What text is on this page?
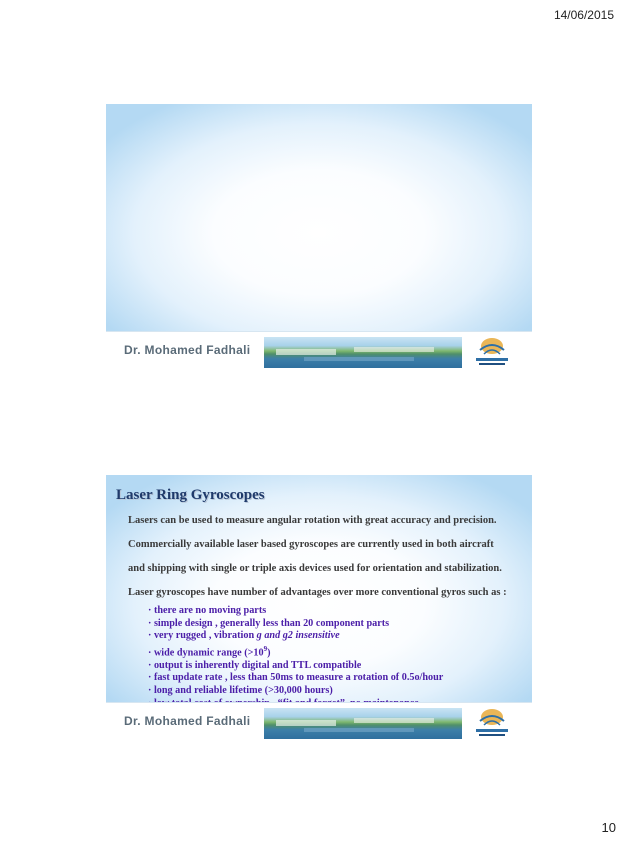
14/06/2015
Dr. Mohamed Fadhali
Laser Ring Gyroscopes

Lasers can be used to measure angular rotation with great accuracy and precision.

Commercially available laser based gyroscopes are currently used in both aircraft

and shipping with single or triple axis devices used for orientation and stabilization.

Laser gyroscopes have number of advantages over more conventional gyros such as :

· there are no moving parts
· simple design , generally less than 20 component parts
· very rugged , vibration g and g2 insensitive
· wide dynamic range $(>10^9)$
· output is inherently digital and TTL compatible
· fast update rate , less than 50ms to measure a rotation of 0.5o/hour
· long and reliable lifetime (>30,000 hours)
Dr. Mohamed Fadhali
10
